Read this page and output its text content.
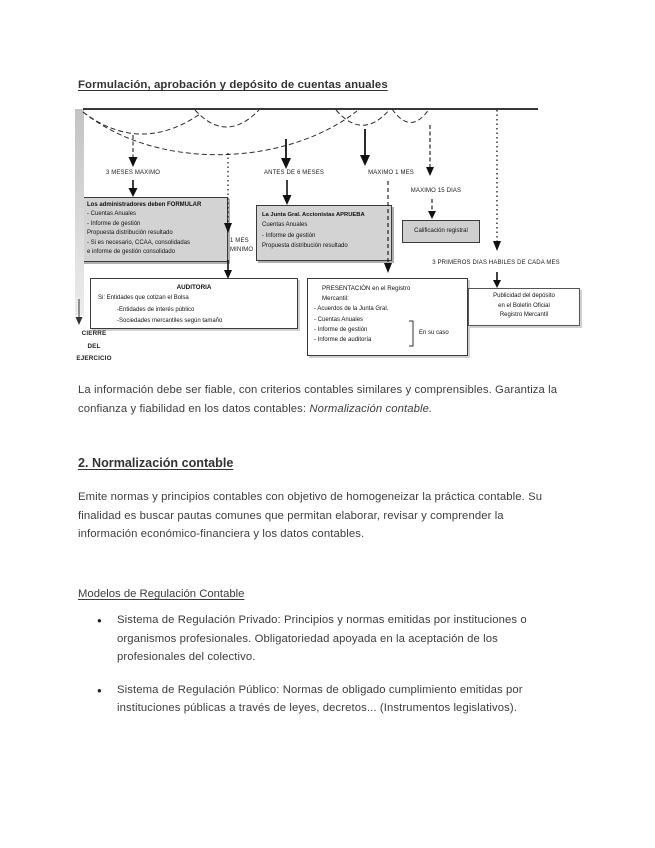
Formulación, aprobación y depósito de cuentas anuales
3 MESES MAXIMO	ANTES DE 6 MESES	MAXIMO 1 MES
MAXIMO 15 DIAS
1 MES
MINIMO
3 PRIMEROS DIAS HABILES DE CADA MES
CIERRE
DEL
EJERCICIO
Los administradores deben FORMULAR
- Cuentas Anuales
- Informe de gestión
Propuesta distribución resultado
- Si es necesario, CCAA, consolidadas
e informe de gestión consolidado
La Junta Gral. Accionistas APRUEBA
Cuentas Anuales
- Informe de gestión
Propuesta distribución resultado
Calificación registral
AUDITORIA
Si: Entidades que cotizan el Bolsa
-Entidades de interés público
-Sociedades mercantiles según tamaño
PRESENTACIÓN en el Registro
Mercantil:
- Acuerdos de la Junta Gral.
- Cuentas Anuales
- Informe de gestión
- Informe de auditoría
En su caso
Publicidad del depósito
en el Boletín Oficial
Registro Mercantil
La información debe ser fiable, con criterios contables similares y comprensibles. Garantiza la
confianza y fiabilidad en los datos contables: Normalización contable.
2. Normalización contable
Emite normas y principios contables con objetivo de homogeneizar la práctica contable. Su
finalidad es buscar pautas comunes que permitan elaborar, revisar y comprender la
información económico-financiera y los datos contables.
Modelos de Regulación Contable
● Sistema de Regulación Privado: Principios y normas emitidas por instituciones o
organismos profesionales. Obligatoriedad apoyada en la aceptación de los
profesionales del colectivo.
● Sistema de Regulación Público: Normas de obligado cumplimiento emitidas por
instituciones públicas a través de leyes, decretos... (Instrumentos legislativos).
